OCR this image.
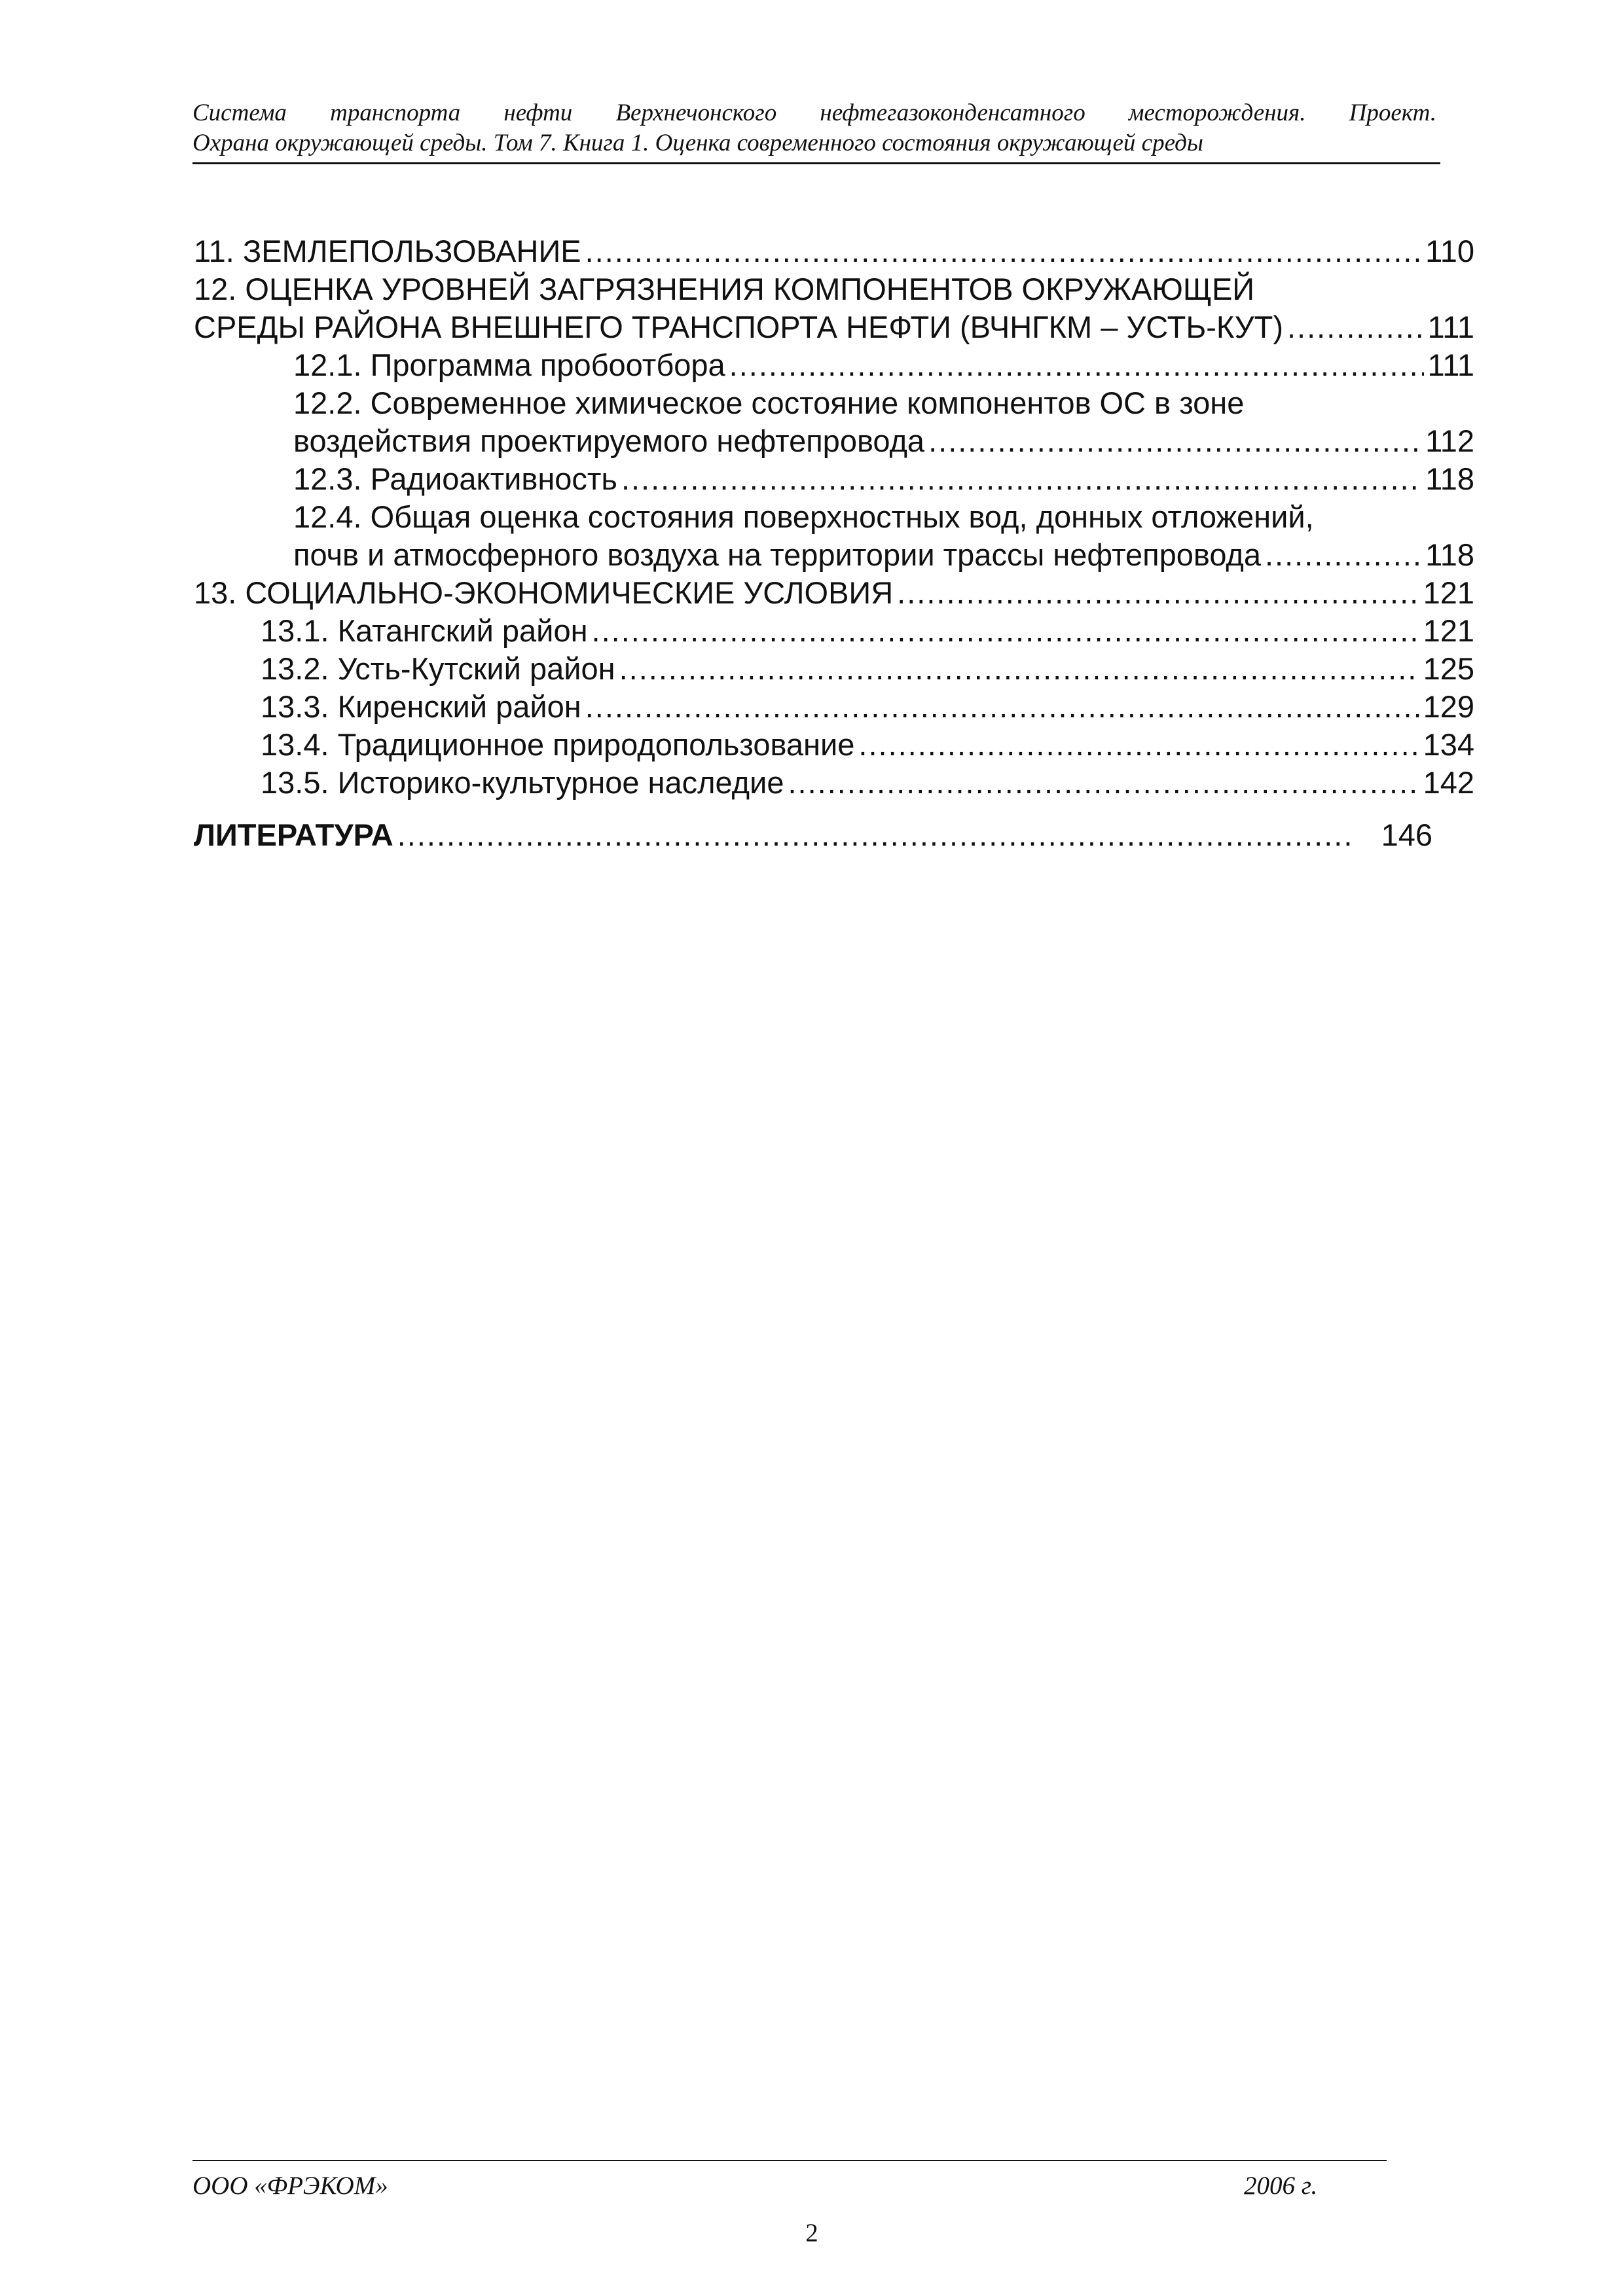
Система транспорта нефти Верхнечонского нефтегазоконденсатного месторождения. Проект.
Охрана окружающей среды. Том 7. Книга 1. Оценка современного состояния окружающей среды
11. ЗЕМЛЕПОЛЬЗОВАНИЕ .....	110
12. ОЦЕНКА УРОВНЕЙ ЗАГРЯЗНЕНИЯ КОМПОНЕНТОВ ОКРУЖАЮЩЕЙ
СРЕДЫ РАЙОНА ВНЕШНЕГО ТРАНСПОРТА НЕФТИ (ВЧНГКМ – УСТЬ-КУТ) .....	111
12.1. Программа пробоотбора .....	111
12.2. Современное химическое состояние компонентов ОС в зоне
воздействия проектируемого нефтепровода .....	112
12.3. Радиоактивность .....	118
12.4. Общая оценка состояния поверхностных вод, донных отложений,
почв и атмосферного воздуха на территории трассы нефтепровода .....	118
13. СОЦИАЛЬНО-ЭКОНОМИЧЕСКИЕ УСЛОВИЯ .....	121
13.1. Катангский район .....	121
13.2. Усть-Кутский район .....	125
13.3. Киренский район .....	129
13.4. Традиционное природопользование .....	134
13.5. Историко-культурное наследие .....	142
ЛИТЕРАТУРА .....	146
ООО «ФРЭКОМ»	2006 г.
2
